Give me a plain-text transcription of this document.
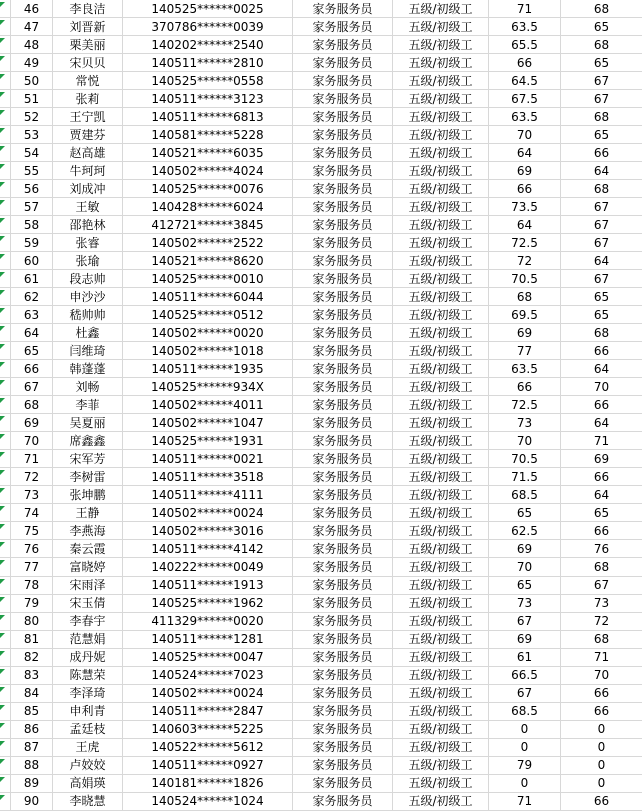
46	李良洁	140525******0025	家务服务员	五级/初级工	71	68
47	刘晋新	370786******0039	家务服务员	五级/初级工	63.5	65
48	栗美丽	140202******2540	家务服务员	五级/初级工	65.5	68
49	宋贝贝	140511******2810	家务服务员	五级/初级工	66	65
50	常悦	140525******0558	家务服务员	五级/初级工	64.5	67
51	张莉	140511******3123	家务服务员	五级/初级工	67.5	67
52	王宁凯	140511******6813	家务服务员	五级/初级工	63.5	68
53	贾建芬	140581******5228	家务服务员	五级/初级工	70	65
54	赵高雄	140521******6035	家务服务员	五级/初级工	64	66
55	牛珂珂	140502******4024	家务服务员	五级/初级工	69	64
56	刘成冲	140525******0076	家务服务员	五级/初级工	66	68
57	王敏	140428******6024	家务服务员	五级/初级工	73.5	67
58	邵艳林	412721******3845	家务服务员	五级/初级工	64	67
59	张睿	140502******2522	家务服务员	五级/初级工	72.5	67
60	张瑜	140521******8620	家务服务员	五级/初级工	72	64
61	段志帅	140525******0010	家务服务员	五级/初级工	70.5	67
62	申沙沙	140511******6044	家务服务员	五级/初级工	68	65
63	嵇帅帅	140525******0512	家务服务员	五级/初级工	69.5	65
64	杜鑫	140502******0020	家务服务员	五级/初级工	69	68
65	闫维琦	140502******1018	家务服务员	五级/初级工	77	66
66	韩蓬蓬	140511******1935	家务服务员	五级/初级工	63.5	64
67	刘畅	140525******934X	家务服务员	五级/初级工	66	70
68	李菲	140502******4011	家务服务员	五级/初级工	72.5	66
69	吴夏丽	140502******1047	家务服务员	五级/初级工	73	64
70	席鑫鑫	140525******1931	家务服务员	五级/初级工	70	71
71	宋军芳	140511******0021	家务服务员	五级/初级工	70.5	69
72	李树雷	140511******3518	家务服务员	五级/初级工	71.5	66
73	张坤鹏	140511******4111	家务服务员	五级/初级工	68.5	64
74	王静	140502******0024	家务服务员	五级/初级工	65	65
75	李燕海	140502******3016	家务服务员	五级/初级工	62.5	66
76	秦云霞	140511******4142	家务服务员	五级/初级工	69	76
77	富晓婷	140222******0049	家务服务员	五级/初级工	70	68
78	宋雨泽	140511******1913	家务服务员	五级/初级工	65	67
79	宋玉倩	140525******1962	家务服务员	五级/初级工	73	73
80	李春宇	411329******0020	家务服务员	五级/初级工	67	72
81	范慧娟	140511******1281	家务服务员	五级/初级工	69	68
82	成丹妮	140525******0047	家务服务员	五级/初级工	61	71
83	陈慧荣	140524******7023	家务服务员	五级/初级工	66.5	70
84	李泽琦	140502******0024	家务服务员	五级/初级工	67	66
85	申利青	140511******2847	家务服务员	五级/初级工	68.5	66
86	孟廷枝	140603******5225	家务服务员	五级/初级工	0	0
87	王虎	140522******5612	家务服务员	五级/初级工	0	0
88	卢姣姣	140511******0927	家务服务员	五级/初级工	79	0
89	高娟瑛	140181******1826	家务服务员	五级/初级工	0	0
90	李晓慧	140524******1024	家务服务员	五级/初级工	71	66
